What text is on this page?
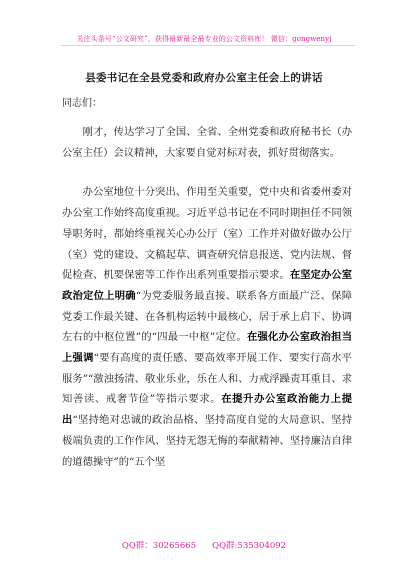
关注头条号“公文研究”，获得最新最全最专业的公文资料库！ 微信：gongwenyj
县委书记在全县党委和政府办公室主任会上的讲话
同志们：

刚才，传达学习了全国、全省、全州党委和政府秘书长（办公室主任）会议精神，大家要自觉对标对表，抓好贯彻落实。

办公室地位十分突出、作用至关重要，党中央和省委州委对办公室工作始终高度重视。习近平总书记在不同时期担任不同领导职务时，都始终重视关心办公厅（室）工作并对做好做办公厅（室）党的建设、文稿起草、调查研究信息报送、党内法规、督促检查、机要保密等工作作出系列重要指示要求。在坚定办公室政治定位上明确“为党委服务最直接、联系各方面最广泛、保障党委工作最关键、在各机构运转中最核心，居于承上启下、协调左右的中枢位置”的“四最一中枢”定位。在强化办公室政治担当上强调“要有高度的责任感、要高效率开展工作、要实行高水平服务”“激浊扬清、敬业乐业，乐在人和、力戒浮躁责耳重目、求知善读、戒奢节俭”等指示要求。在提升办公室政治能力上提出“坚持绝对忠诚的政治品格、坚持高度自觉的大局意识、坚持极端负责的工作作风、坚持无怨无悔的奉献精神、坚持廉洁自律的道德操守”的“五个坚

QQ群：30265665 QQ群:535304092
